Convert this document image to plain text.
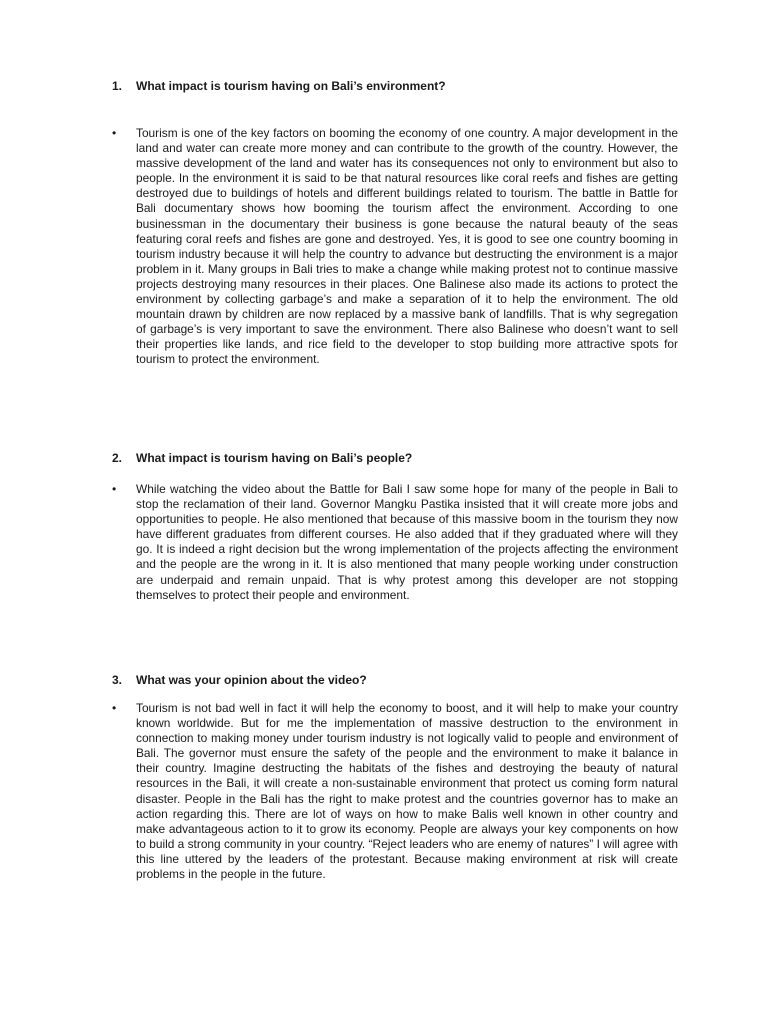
1. What impact is tourism having on Bali’s environment?
• Tourism is one of the key factors on booming the economy of one country. A major development in the land and water can create more money and can contribute to the growth of the country. However, the massive development of the land and water has its consequences not only to environment but also to people. In the environment it is said to be that natural resources like coral reefs and fishes are getting destroyed due to buildings of hotels and different buildings related to tourism. The battle in Battle for Bali documentary shows how booming the tourism affect the environment. According to one businessman in the documentary their business is gone because the natural beauty of the seas featuring coral reefs and fishes are gone and destroyed. Yes, it is good to see one country booming in tourism industry because it will help the country to advance but destructing the environment is a major problem in it. Many groups in Bali tries to make a change while making protest not to continue massive projects destroying many resources in their places. One Balinese also made its actions to protect the environment by collecting garbage’s and make a separation of it to help the environment. The old mountain drawn by children are now replaced by a massive bank of landfills. That is why segregation of garbage’s is very important to save the environment. There also Balinese who doesn’t want to sell their properties like lands, and rice field to the developer to stop building more attractive spots for tourism to protect the environment.

2. What impact is tourism having on Bali’s people?
• While watching the video about the Battle for Bali I saw some hope for many of the people in Bali to stop the reclamation of their land. Governor Mangku Pastika insisted that it will create more jobs and opportunities to people. He also mentioned that because of this massive boom in the tourism they now have different graduates from different courses. He also added that if they graduated where will they go. It is indeed a right decision but the wrong implementation of the projects affecting the environment and the people are the wrong in it. It is also mentioned that many people working under construction are underpaid and remain unpaid. That is why protest among this developer are not stopping themselves to protect their people and environment.

3. What was your opinion about the video?
• Tourism is not bad well in fact it will help the economy to boost, and it will help to make your country known worldwide. But for me the implementation of massive destruction to the environment in connection to making money under tourism industry is not logically valid to people and environment of Bali. The governor must ensure the safety of the people and the environment to make it balance in their country. Imagine destructing the habitats of the fishes and destroying the beauty of natural resources in the Bali, it will create a non-sustainable environment that protect us coming form natural disaster. People in the Bali has the right to make protest and the countries governor has to make an action regarding this. There are lot of ways on how to make Balis well known in other country and make advantageous action to it to grow its economy. People are always your key components on how to build a strong community in your country. “Reject leaders who are enemy of natures” I will agree with this line uttered by the leaders of the protestant. Because making environment at risk will create problems in the people in the future.
